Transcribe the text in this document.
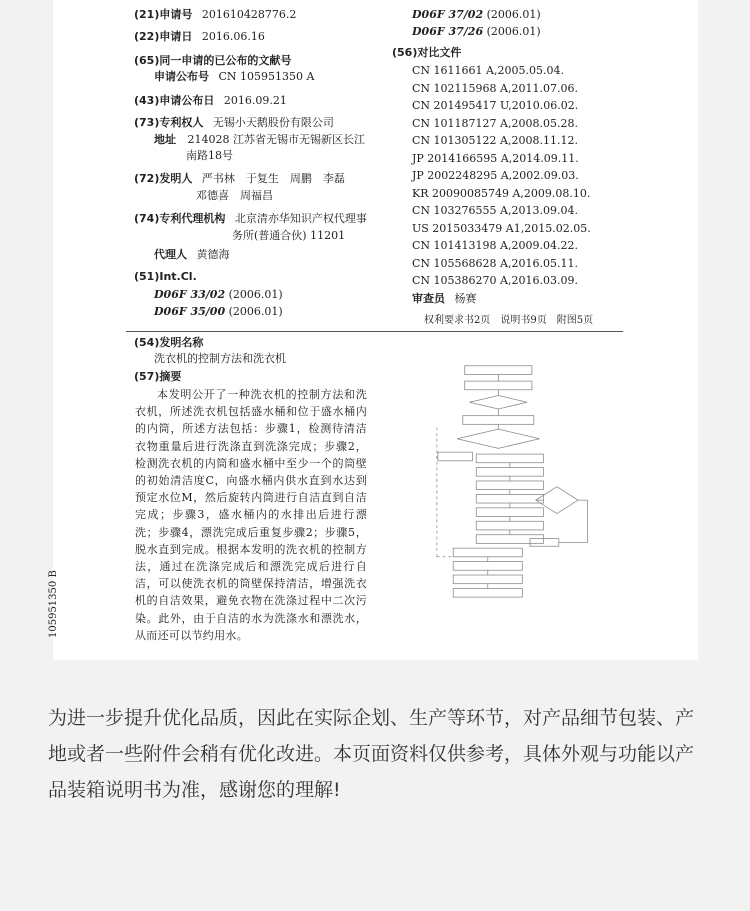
(21)申请号 201610428776.2
(22)申请日 2016.06.16
(65)同一申请的已公布的文献号
申请公布号 CN 105951350 A
(43)申请公布日 2016.09.21
(73)专利权人 无锡小天鹅股份有限公司
地址 214028 江苏省无锡市无锡新区长江
南路18号
(72)发明人 严书林　于复生　周鹏　李磊
邓德喜　周福昌
(74)专利代理机构 北京清亦华知识产权代理事
务所(普通合伙) 11201
代理人 黄德海
(51)Int.Cl.
D06F 33/02 (2006.01)
D06F 35/00 (2006.01)
D06F 37/02 (2006.01)
D06F 37/26 (2006.01)
(56)对比文件
CN 1611661 A,2005.05.04.
CN 102115968 A,2011.07.06.
CN 201495417 U,2010.06.02.
CN 101187127 A,2008.05.28.
CN 101305122 A,2008.11.12.
JP 2014166595 A,2014.09.11.
JP 2002248295 A,2002.09.03.
KR 20090085749 A,2009.08.10.
CN 103276555 A,2013.09.04.
US 2015033479 A1,2015.02.05.
CN 101413198 A,2009.04.22.
CN 105568628 A,2016.05.11.
CN 105386270 A,2016.03.09.
审查员 杨赛
权利要求书2页　说明书9页　附图5页
(54)发明名称
洗衣机的控制方法和洗衣机
(57)摘要
本发明公开了一种洗衣机的控制方法和洗衣机，所述洗衣机包括盛水桶和位于盛水桶内的内筒，所述方法包括：步骤1，检测待清洁衣物重量后进行洗涤直到洗涤完成；步骤2，检测洗衣机的内筒和盛水桶中至少一个的筒壁的初始清洁度C，向盛水桶内供水直到水达到预定水位M，然后旋转内筒进行自洁直到自洁完成；步骤3，盛水桶内的水排出后进行漂洗；步骤4，漂洗完成后重复步骤2；步骤5，脱水直到完成。根据本发明的洗衣机的控制方法，通过在洗涤完成后和漂洗完成后进行自洁，可以使洗衣机的筒壁保持清洁，增强洗衣机的自洁效果，避免衣物在洗涤过程中二次污染。此外，由于自洁的水为洗涤水和漂洗水，从而还可以节约用水。
105951350 B
为进一步提升优化品质，因此在实际企划、生产等环节，对产品细节包装、产地或者一些附件会稍有优化改进。本页面资料仅供参考，具体外观与功能以产品装箱说明书为准，感谢您的理解!
